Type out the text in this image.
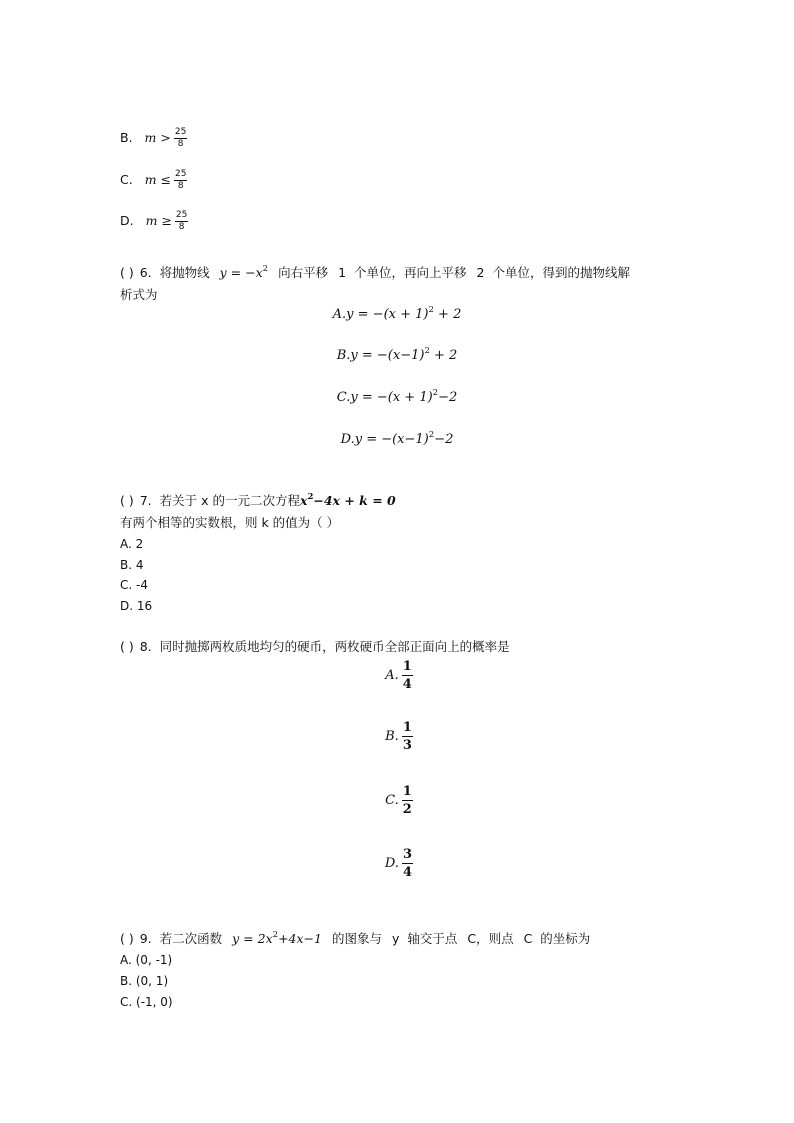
B. $m > \frac{25}{8}$
C. $m \le \frac{25}{8}$
D. $m \ge \frac{25}{8}$
( ) 6. 将抛物线 $y = -x^2$ 向右平移 1 个单位，再向上平移 2 个单位，得到的抛物线解
析式为
$A.y = -(x + 1)^2 + 2$
$B.y = -(x-1)^2 + 2$
$C.y = -(x + 1)^2-2$
$D.y = -(x-1)^2-2$
( ) 7. 若关于 x 的一元二次方程$x^2-4x + k = 0$
有两个相等的实数根，则 k 的值为（ ）
A. 2
B. 4
C. -4
D. 16
( ) 8. 同时抛掷两枚质地均匀的硬币，两枚硬币全部正面向上的概率是
A. $\frac{1}{4}$
B. $\frac{1}{3}$
C. $\frac{1}{2}$
D. $\frac{3}{4}$
( ) 9. 若二次函数 $y = 2x^2+4x-1$ 的图象与 y 轴交于点 C，则点 C 的坐标为
A. (0, -1)
B. (0, 1)
C. (-1, 0)
